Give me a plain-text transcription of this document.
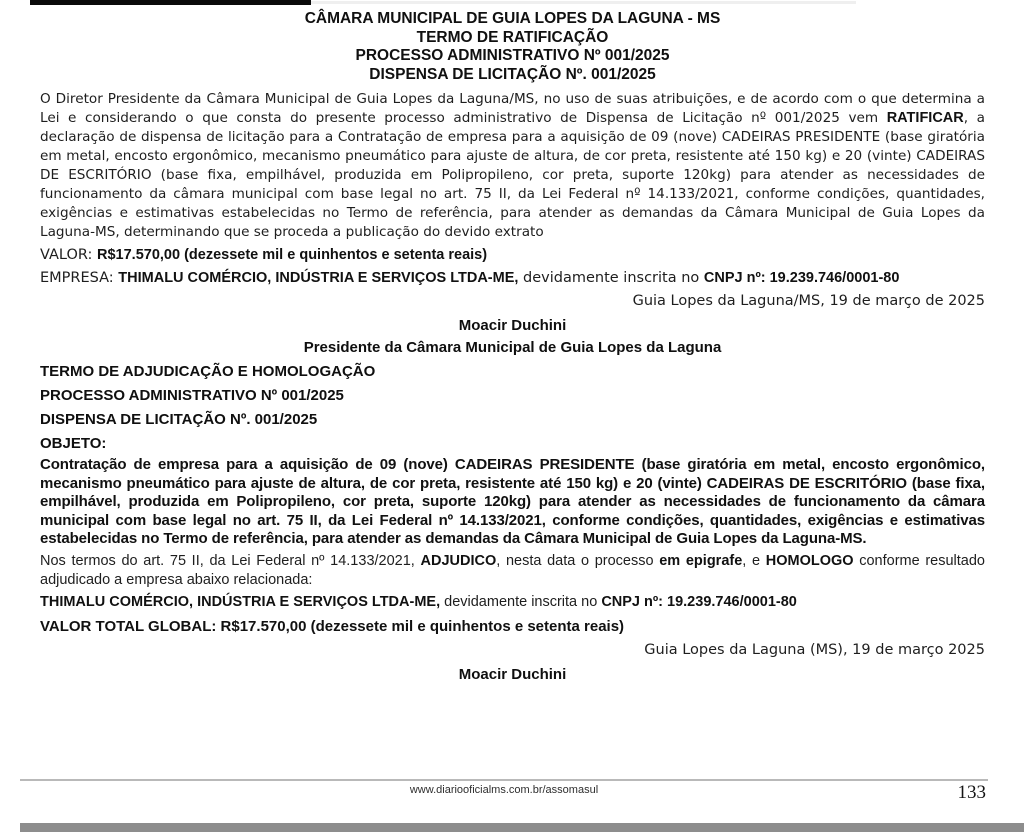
CÂMARA MUNICIPAL DE GUIA LOPES DA LAGUNA - MS
TERMO DE RATIFICAÇÃO
PROCESSO ADMINISTRATIVO Nº 001/2025
DISPENSA DE LICITAÇÃO Nº. 001/2025

O Diretor Presidente da Câmara Municipal de Guia Lopes da Laguna/MS, no uso de suas atribuições, e de acordo com o que determina a Lei e considerando o que consta do presente processo administrativo de Dispensa de Licitação nº 001/2025 vem RATIFICAR, a declaração de dispensa de licitação para a Contratação de empresa para a aquisição de 09 (nove) CADEIRAS PRESIDENTE (base giratória em metal, encosto ergonômico, mecanismo pneumático para ajuste de altura, de cor preta, resistente até 150 kg) e 20 (vinte) CADEIRAS DE ESCRITÓRIO (base fixa, empilhável, produzida em Polipropileno, cor preta, suporte 120kg) para atender as necessidades de funcionamento da câmara municipal com base legal no art. 75 II, da Lei Federal nº 14.133/2021, conforme condições, quantidades, exigências e estimativas estabelecidas no Termo de referência, para atender as demandas da Câmara Municipal de Guia Lopes da Laguna-MS, determinando que se proceda a publicação do devido extrato

VALOR: R$17.570,00 (dezessete mil e quinhentos e setenta reais)

EMPRESA: THIMALU COMÉRCIO, INDÚSTRIA E SERVIÇOS LTDA-ME, devidamente inscrita no CNPJ nº: 19.239.746/0001-80

Guia Lopes da Laguna/MS, 19 de março de 2025

Moacir Duchini

Presidente da Câmara Municipal de Guia Lopes da Laguna

TERMO DE ADJUDICAÇÃO E HOMOLOGAÇÃO

PROCESSO ADMINISTRATIVO Nº 001/2025

DISPENSA DE LICITAÇÃO Nº. 001/2025

OBJETO:

Contratação de empresa para a aquisição de 09 (nove) CADEIRAS PRESIDENTE (base giratória em metal, encosto ergonômico, mecanismo pneumático para ajuste de altura, de cor preta, resistente até 150 kg) e 20 (vinte) CADEIRAS DE ESCRITÓRIO (base fixa, empilhável, produzida em Polipropileno, cor preta, suporte 120kg) para atender as necessidades de funcionamento da câmara municipal com base legal no art. 75 II, da Lei Federal nº 14.133/2021, conforme condições, quantidades, exigências e estimativas estabelecidas no Termo de referência, para atender as demandas da Câmara Municipal de Guia Lopes da Laguna-MS.

Nos termos do art. 75 II, da Lei Federal nº 14.133/2021, ADJUDICO, nesta data o processo em epigrafe, e HOMOLOGO conforme resultado adjudicado a empresa abaixo relacionada:

THIMALU COMÉRCIO, INDÚSTRIA E SERVIÇOS LTDA-ME, devidamente inscrita no CNPJ nº: 19.239.746/0001-80

VALOR TOTAL GLOBAL: R$17.570,00 (dezessete mil e quinhentos e setenta reais)

Guia Lopes da Laguna (MS), 19 de março 2025

Moacir Duchini

www.diariooficialms.com.br/assomasul	133
